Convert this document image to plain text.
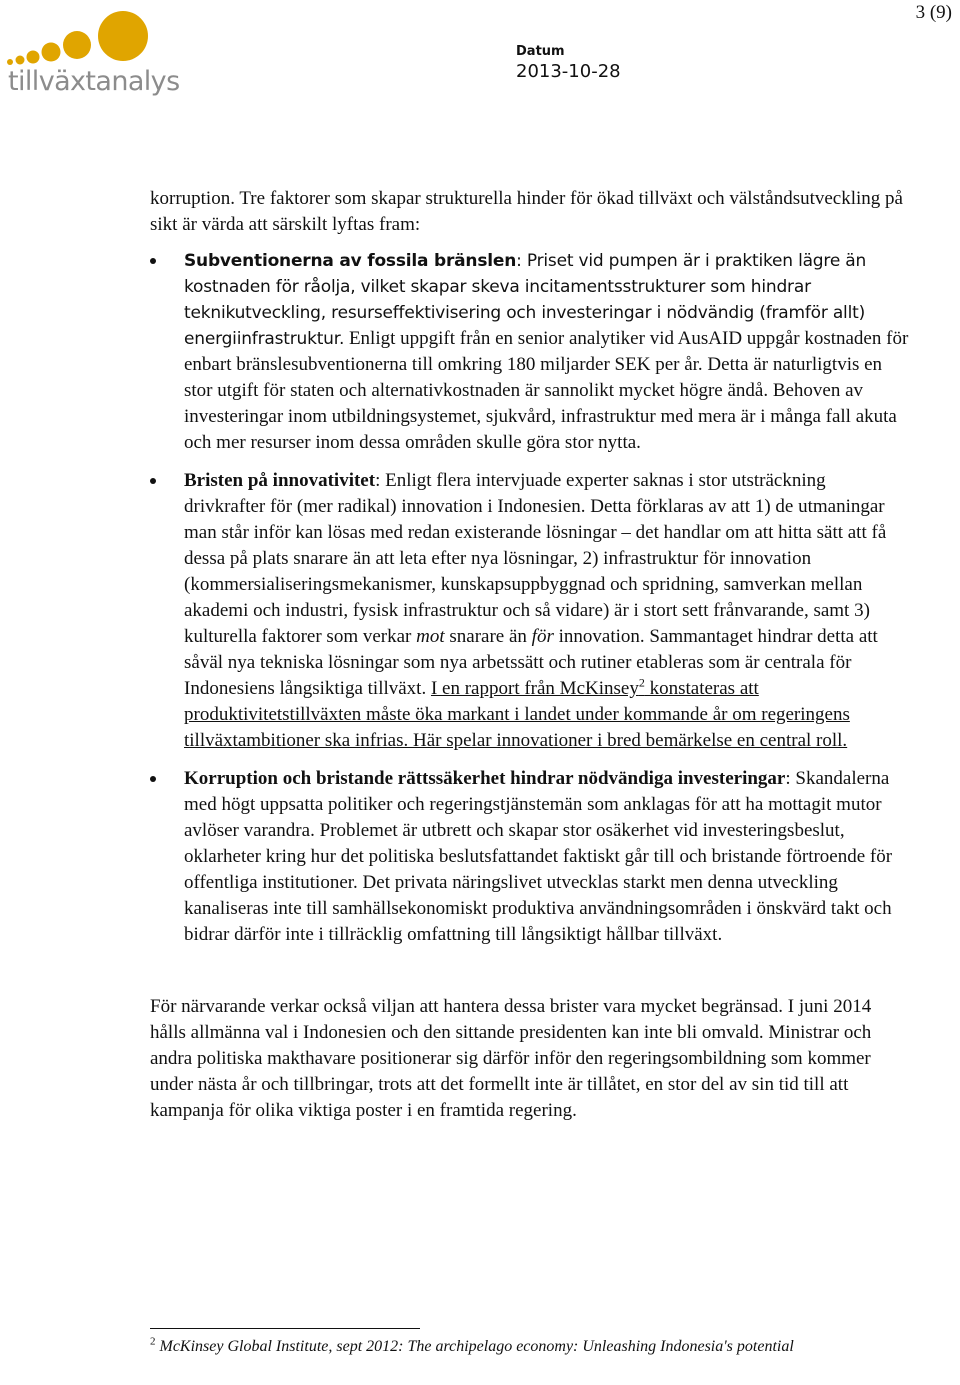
3 (9)
tillväxtanalys
Datum
2013-10-28

korruption. Tre faktorer som skapar strukturella hinder för ökad tillväxt och välståndsutveckling på sikt är värda att särskilt lyftas fram:

Subventionerna av fossila bränslen: Priset vid pumpen är i praktiken lägre än kostnaden för råolja, vilket skapar skeva incitamentsstrukturer som hindrar teknikutveckling, resurseffektivisering och investeringar i nödvändig (framför allt) energiinfrastruktur. Enligt uppgift från en senior analytiker vid AusAID uppgår kostnaden för enbart bränslesubventionerna till omkring 180 miljarder SEK per år. Detta är naturligtvis en stor utgift för staten och alternativkostnaden är sannolikt mycket högre ändå. Behoven av investeringar inom utbildningsystemet, sjukvård, infrastruktur med mera är i många fall akuta och mer resurser inom dessa områden skulle göra stor nytta.
Bristen på innovativitet: Enligt flera intervjuade experter saknas i stor utsträckning drivkrafter för (mer radikal) innovation i Indonesien. Detta förklaras av att 1) de utmaningar man står inför kan lösas med redan existerande lösningar – det handlar om att hitta sätt att få dessa på plats snarare än att leta efter nya lösningar, 2) infrastruktur för innovation (kommersialiseringsmekanismer, kunskapsuppbyggnad och spridning, samverkan mellan akademi och industri, fysisk infrastruktur och så vidare) är i stort sett frånvarande, samt 3) kulturella faktorer som verkar mot snarare än för innovation. Sammantaget hindrar detta att såväl nya tekniska lösningar som nya arbetssätt och rutiner etableras som är centrala för Indonesiens långsiktiga tillväxt. I en rapport från McKinsey$^2$ konstateras att produktivitetstillväxten måste öka markant i landet under kommande år om regeringens tillväxtambitioner ska infrias. Här spelar innovationer i bred bemärkelse en central roll.
Korruption och bristande rättssäkerhet hindrar nödvändiga investeringar: Skandalerna med högt uppsatta politiker och regeringstjänstemän som anklagas för att ha mottagit mutor avlöser varandra. Problemet är utbrett och skapar stor osäkerhet vid investeringsbeslut, oklarheter kring hur det politiska beslutsfattandet faktiskt går till och bristande förtroende för offentliga institutioner. Det privata näringslivet utvecklas starkt men denna utveckling kanaliseras inte till samhällsekonomiskt produktiva användningsområden i önskvärd takt och bidrar därför inte i tillräcklig omfattning till långsiktigt hållbar tillväxt.

För närvarande verkar också viljan att hantera dessa brister vara mycket begränsad. I juni 2014 hålls allmänna val i Indonesien och den sittande presidenten kan inte bli omvald. Ministrar och andra politiska makthavare positionerar sig därför inför den regeringsombildning som kommer under nästa år och tillbringar, trots att det formellt inte är tillåtet, en stor del av sin tid till att kampanja för olika viktiga poster i en framtida regering.

$^2$ McKinsey Global Institute, sept 2012: The archipelago economy: Unleashing Indonesia's potential
